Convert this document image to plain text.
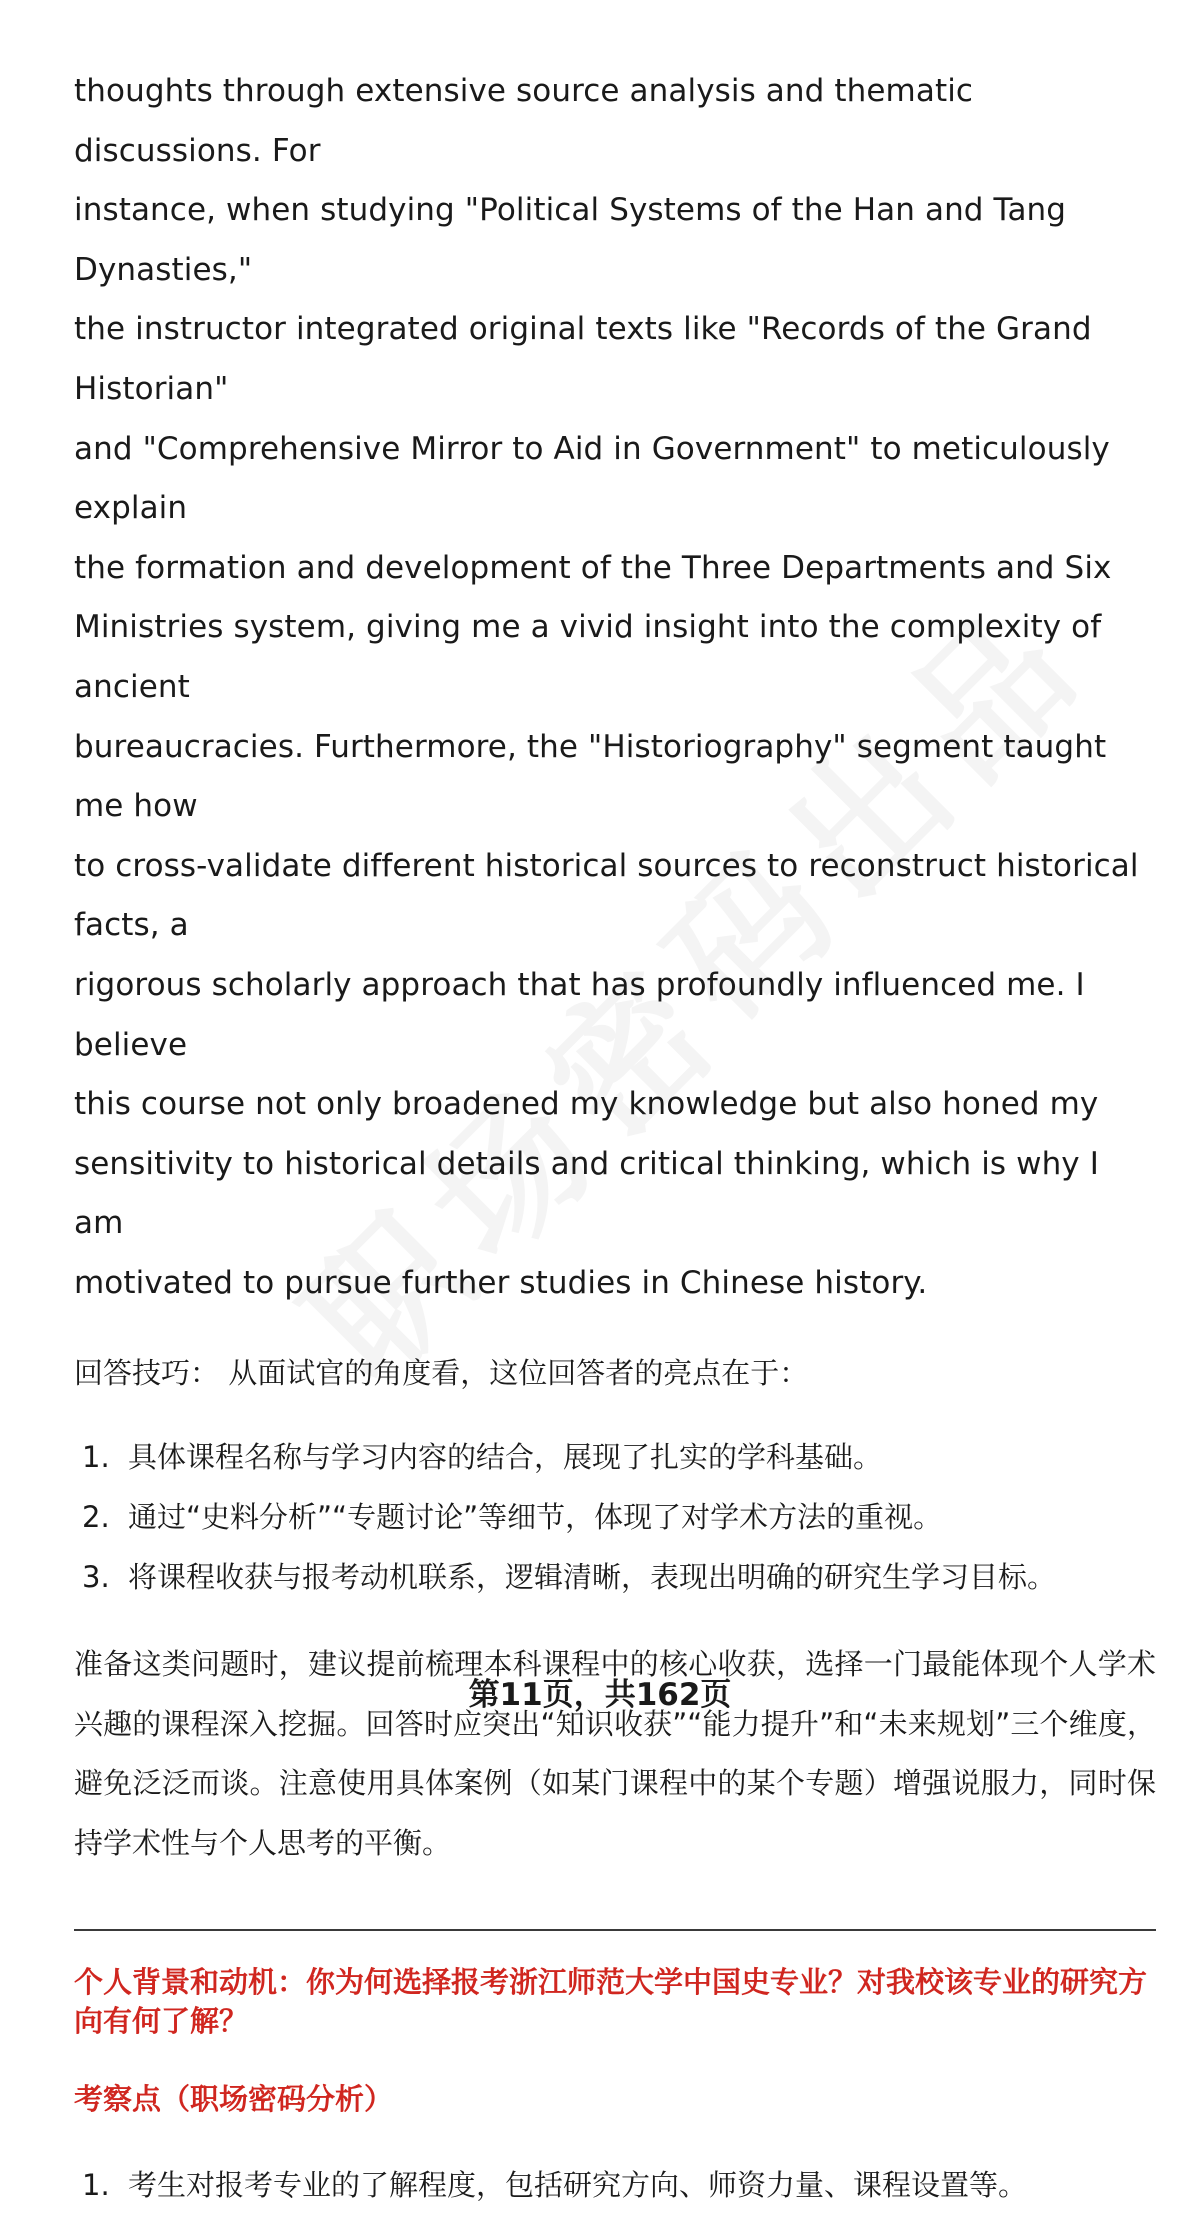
thoughts through extensive source analysis and thematic discussions. For
instance, when studying "Political Systems of the Han and Tang Dynasties,"
the instructor integrated original texts like "Records of the Grand Historian"
and "Comprehensive Mirror to Aid in Government" to meticulously explain
the formation and development of the Three Departments and Six
Ministries system, giving me a vivid insight into the complexity of ancient
bureaucracies. Furthermore, the "Historiography" segment taught me how
to cross-validate different historical sources to reconstruct historical facts, a
rigorous scholarly approach that has profoundly influenced me. I believe
this course not only broadened my knowledge but also honed my
sensitivity to historical details and critical thinking, which is why I am
motivated to pursue further studies in Chinese history.

回答技巧： 从面试官的角度看，这位回答者的亮点在于：

1. 具体课程名称与学习内容的结合，展现了扎实的学科基础。
2. 通过“史料分析”“专题讨论”等细节，体现了对学术方法的重视。
3. 将课程收获与报考动机联系，逻辑清晰，表现出明确的研究生学习目标。

准备这类问题时，建议提前梳理本科课程中的核心收获，选择一门最能体现个人学术兴趣的课程深入挖掘。回答时应突出“知识收获”“能力提升”和“未来规划”三个维度，避免泛泛而谈。注意使用具体案例（如某门课程中的某个专题）增强说服力，同时保持学术性与个人思考的平衡。

个人背景和动机：你为何选择报考浙江师范大学中国史专业？对我校该专业的研究方向有何了解？
考察点（职场密码分析）
1. 考生对报考专业的了解程度，包括研究方向、师资力量、课程设置等。
第11页，共162页
